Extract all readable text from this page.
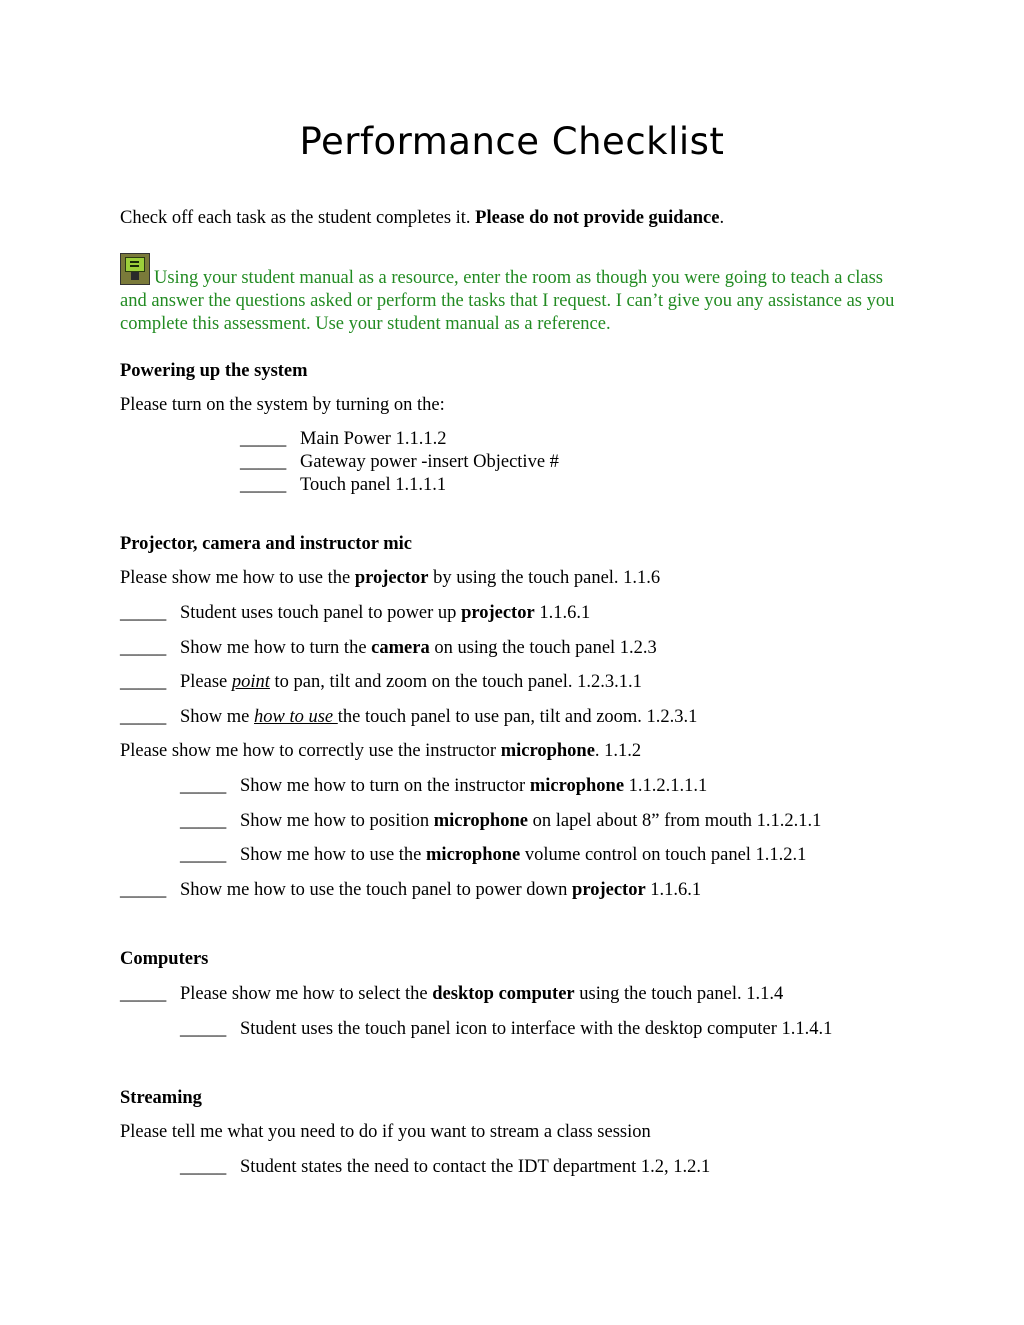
Performance Checklist
Check off each task as the student completes it. Please do not provide guidance.
Using your student manual as a resource, enter the room as though you were going to teach a class and answer the questions asked or perform the tasks that I request. I can’t give you any assistance as you complete this assessment. Use your student manual as a reference.
Powering up the system
Please turn on the system by turning on the:
_____ Main Power 1.1.1.2
_____ Gateway power -insert Objective #
_____ Touch panel 1.1.1.1
Projector, camera and instructor mic
Please show me how to use the projector by using the touch panel. 1.1.6
_____ Student uses touch panel to power up projector 1.1.6.1
_____ Show me how to turn the camera on using the touch panel 1.2.3
_____ Please point to pan, tilt and zoom on the touch panel. 1.2.3.1.1
_____ Show me how to use the touch panel to use pan, tilt and zoom. 1.2.3.1
Please show me how to correctly use the instructor microphone. 1.1.2
_____ Show me how to turn on the instructor microphone 1.1.2.1.1.1
_____ Show me how to position microphone on lapel about 8” from mouth 1.1.2.1.1
_____ Show me how to use the microphone volume control on touch panel 1.1.2.1
_____ Show me how to use the touch panel to power down projector 1.1.6.1
Computers
_____ Please show me how to select the desktop computer using the touch panel. 1.1.4
_____ Student uses the touch panel icon to interface with the desktop computer 1.1.4.1
Streaming
Please tell me what you need to do if you want to stream a class session
_____ Student states the need to contact the IDT department 1.2, 1.2.1
